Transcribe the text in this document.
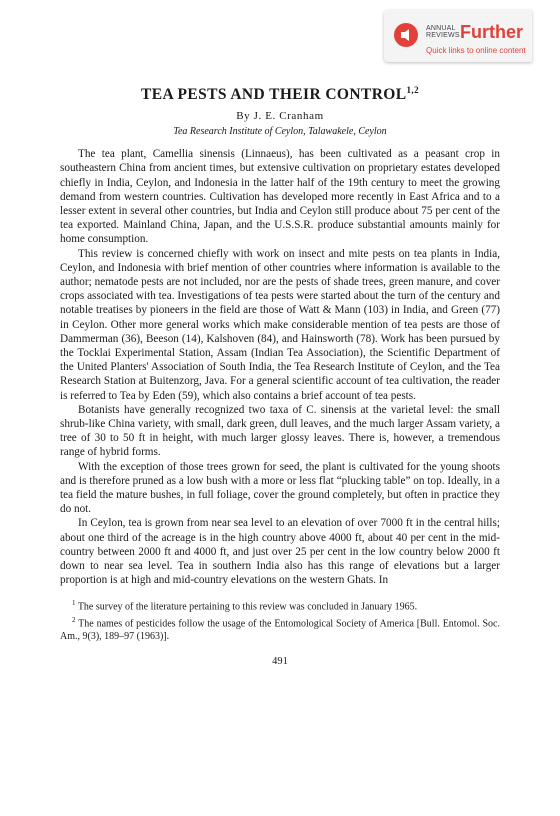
ANNUAL
REVIEWS Further
Quick links to online content
TEA PESTS AND THEIR CONTROL$^{1,2}$
By J. E. Cranham
Tea Research Institute of Ceylon, Talawakele, Ceylon

The tea plant, Camellia sinensis (Linnaeus), has been cultivated as a peasant crop in southeastern China from ancient times, but extensive cultivation on proprietary estates developed chiefly in India, Ceylon, and Indonesia in the latter half of the 19th century to meet the growing demand from western countries. Cultivation has developed more recently in East Africa and to a lesser extent in several other countries, but India and Ceylon still produce about 75 per cent of the tea exported. Mainland China, Japan, and the U.S.S.R. produce substantial amounts mainly for home consumption.

This review is concerned chiefly with work on insect and mite pests on tea plants in India, Ceylon, and Indonesia with brief mention of other countries where information is available to the author; nematode pests are not included, nor are the pests of shade trees, green manure, and cover crops associated with tea. Investigations of tea pests were started about the turn of the century and notable treatises by pioneers in the field are those of Watt & Mann (103) in India, and Green (77) in Ceylon. Other more general works which make considerable mention of tea pests are those of Dammerman (36), Beeson (14), Kalshoven (84), and Hainsworth (78). Work has been pursued by the Tocklai Experimental Station, Assam (Indian Tea Association), the Scientific Department of the United Planters' Association of South India, the Tea Research Institute of Ceylon, and the Tea Research Station at Buitenzorg, Java. For a general scientific account of tea cultivation, the reader is referred to Tea by Eden (59), which also contains a brief account of tea pests.

Botanists have generally recognized two taxa of C. sinensis at the varietal level: the small shrub-like China variety, with small, dark green, dull leaves, and the much larger Assam variety, a tree of 30 to 50 ft in height, with much larger glossy leaves. There is, however, a tremendous range of hybrid forms.

With the exception of those trees grown for seed, the plant is cultivated for the young shoots and is therefore pruned as a low bush with a more or less flat “plucking table” on top. Ideally, in a tea field the mature bushes, in full foliage, cover the ground completely, but often in practice they do not.

In Ceylon, tea is grown from near sea level to an elevation of over 7000 ft in the central hills; about one third of the acreage is in the high country above 4000 ft, about 40 per cent in the mid-country between 2000 ft and 4000 ft, and just over 25 per cent in the low country below 2000 ft down to near sea level. Tea in southern India also has this range of elevations but a larger proportion is at high and mid-country elevations on the western Ghats. In

$^1$ The survey of the literature pertaining to this review was concluded in January 1965.

$^2$ The names of pesticides follow the usage of the Entomological Society of America [Bull. Entomol. Soc. Am., 9(3), 189–97 (1963)].

491
